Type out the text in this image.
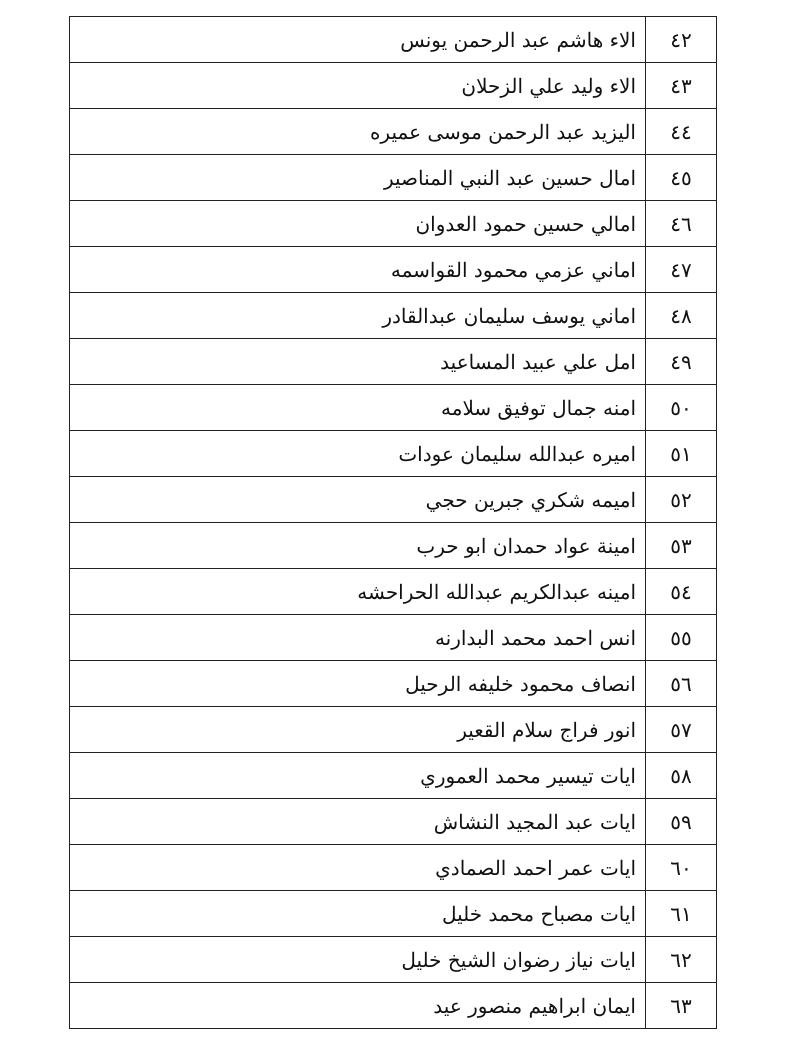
٤٢	الاء هاشم عبد الرحمن يونس
٤٣	الاء وليد علي الزحلان
٤٤	اليزيد عبد الرحمن موسى عميره
٤٥	امال حسين عبد النبي المناصير
٤٦	امالي حسين حمود العدوان
٤٧	اماني عزمي محمود القواسمه
٤٨	اماني يوسف سليمان عبدالقادر
٤٩	امل علي عبيد المساعيد
٥٠	امنه جمال توفيق سلامه
٥١	اميره عبدالله سليمان عودات
٥٢	اميمه شكري جبرين حجي
٥٣	امينة عواد حمدان ابو حرب
٥٤	امينه عبدالكريم عبدالله الحراحشه
٥٥	انس احمد محمد البدارنه
٥٦	انصاف محمود خليفه الرحيل
٥٧	انور فراج سلام القعير
٥٨	ايات تيسير محمد العموري
٥٩	ايات عبد المجيد النشاش
٦٠	ايات عمر احمد الصمادي
٦١	ايات مصباح محمد خليل
٦٢	ايات نياز رضوان الشيخ خليل
٦٣	ايمان ابراهيم منصور عيد
